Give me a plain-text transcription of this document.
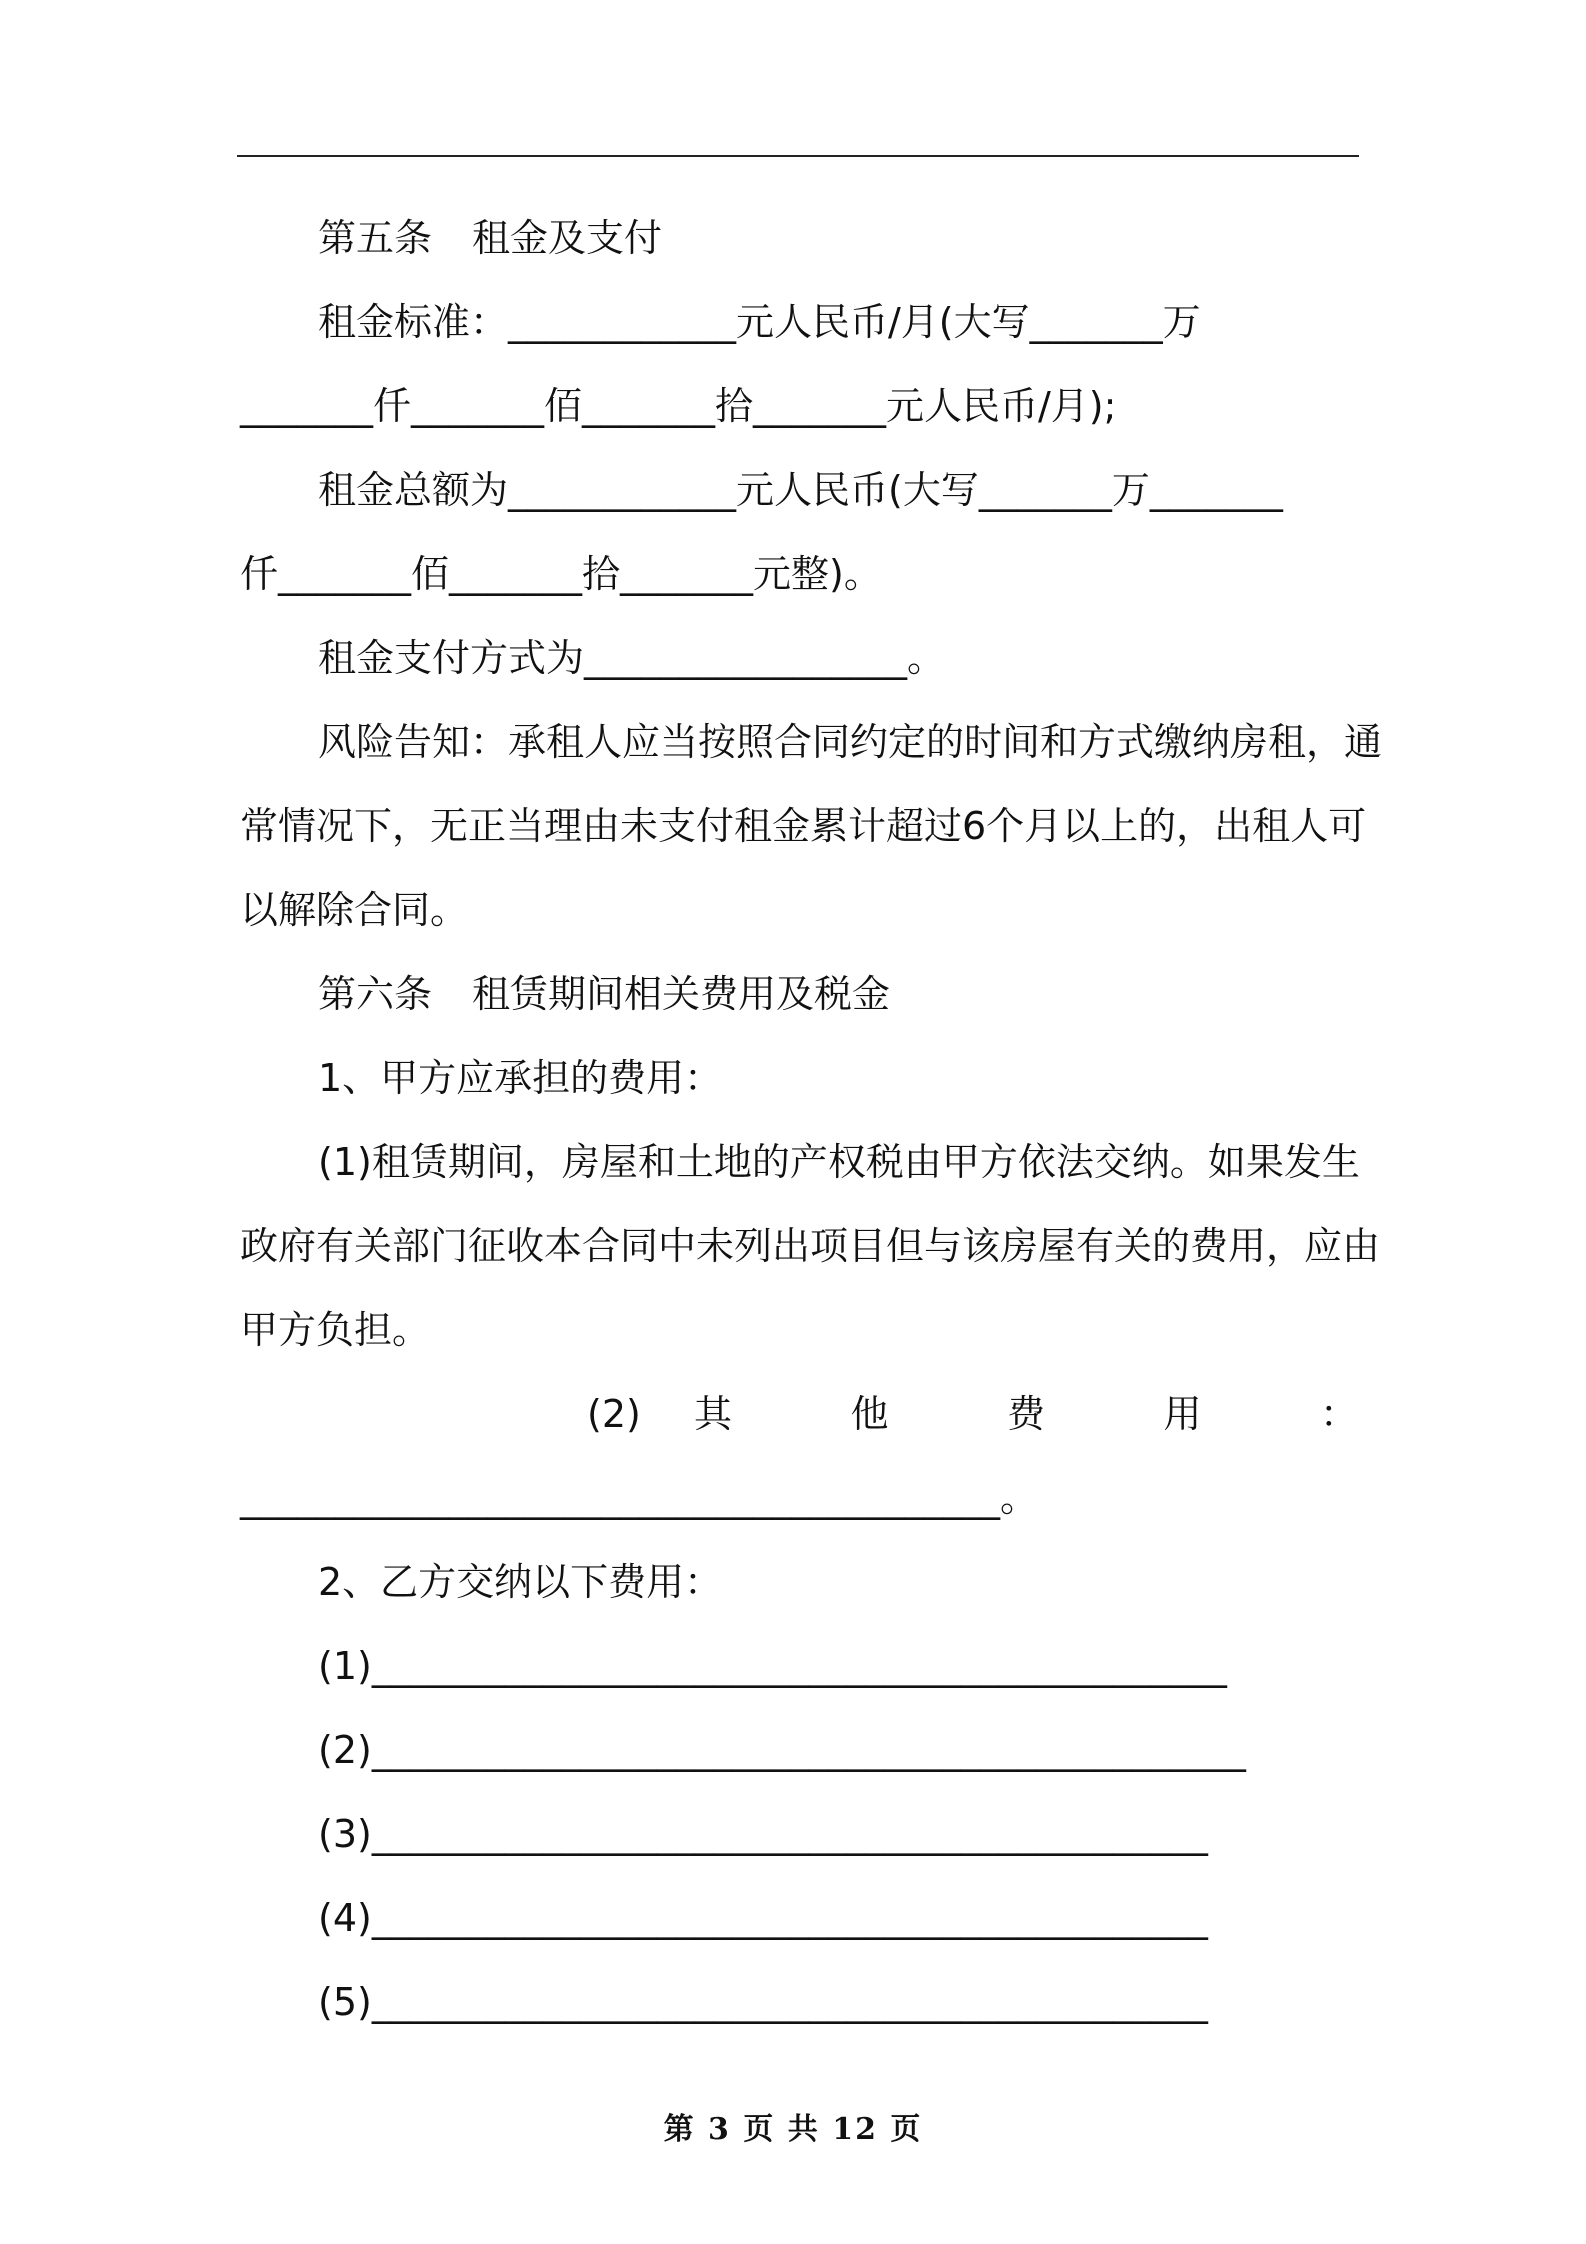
第五条 租金及支付
租金标准：____________元人民币/月(大写_______万
_______仟_______佰_______拾_______元人民币/月);
租金总额为____________元人民币(大写_______万_______
仟_______佰_______拾_______元整)。
租金支付方式为_________________。
风险告知：承租人应当按照合同约定的时间和方式缴纳房租，通
常情况下，无正当理由未支付租金累计超过6个月以上的，出租人可
以解除合同。
第六条 租赁期间相关费用及税金
1、甲方应承担的费用：
(1)租赁期间，房屋和土地的产权税由甲方依法交纳。如果发生
政府有关部门征收本合同中未列出项目但与该房屋有关的费用，应由
甲方负担。
(2)其 他 费 用 ：
________________________________________。
2、乙方交纳以下费用：
(1)_____________________________________________
(2)______________________________________________
(3)____________________________________________
(4)____________________________________________
(5)____________________________________________
第 3 页 共 12 页
